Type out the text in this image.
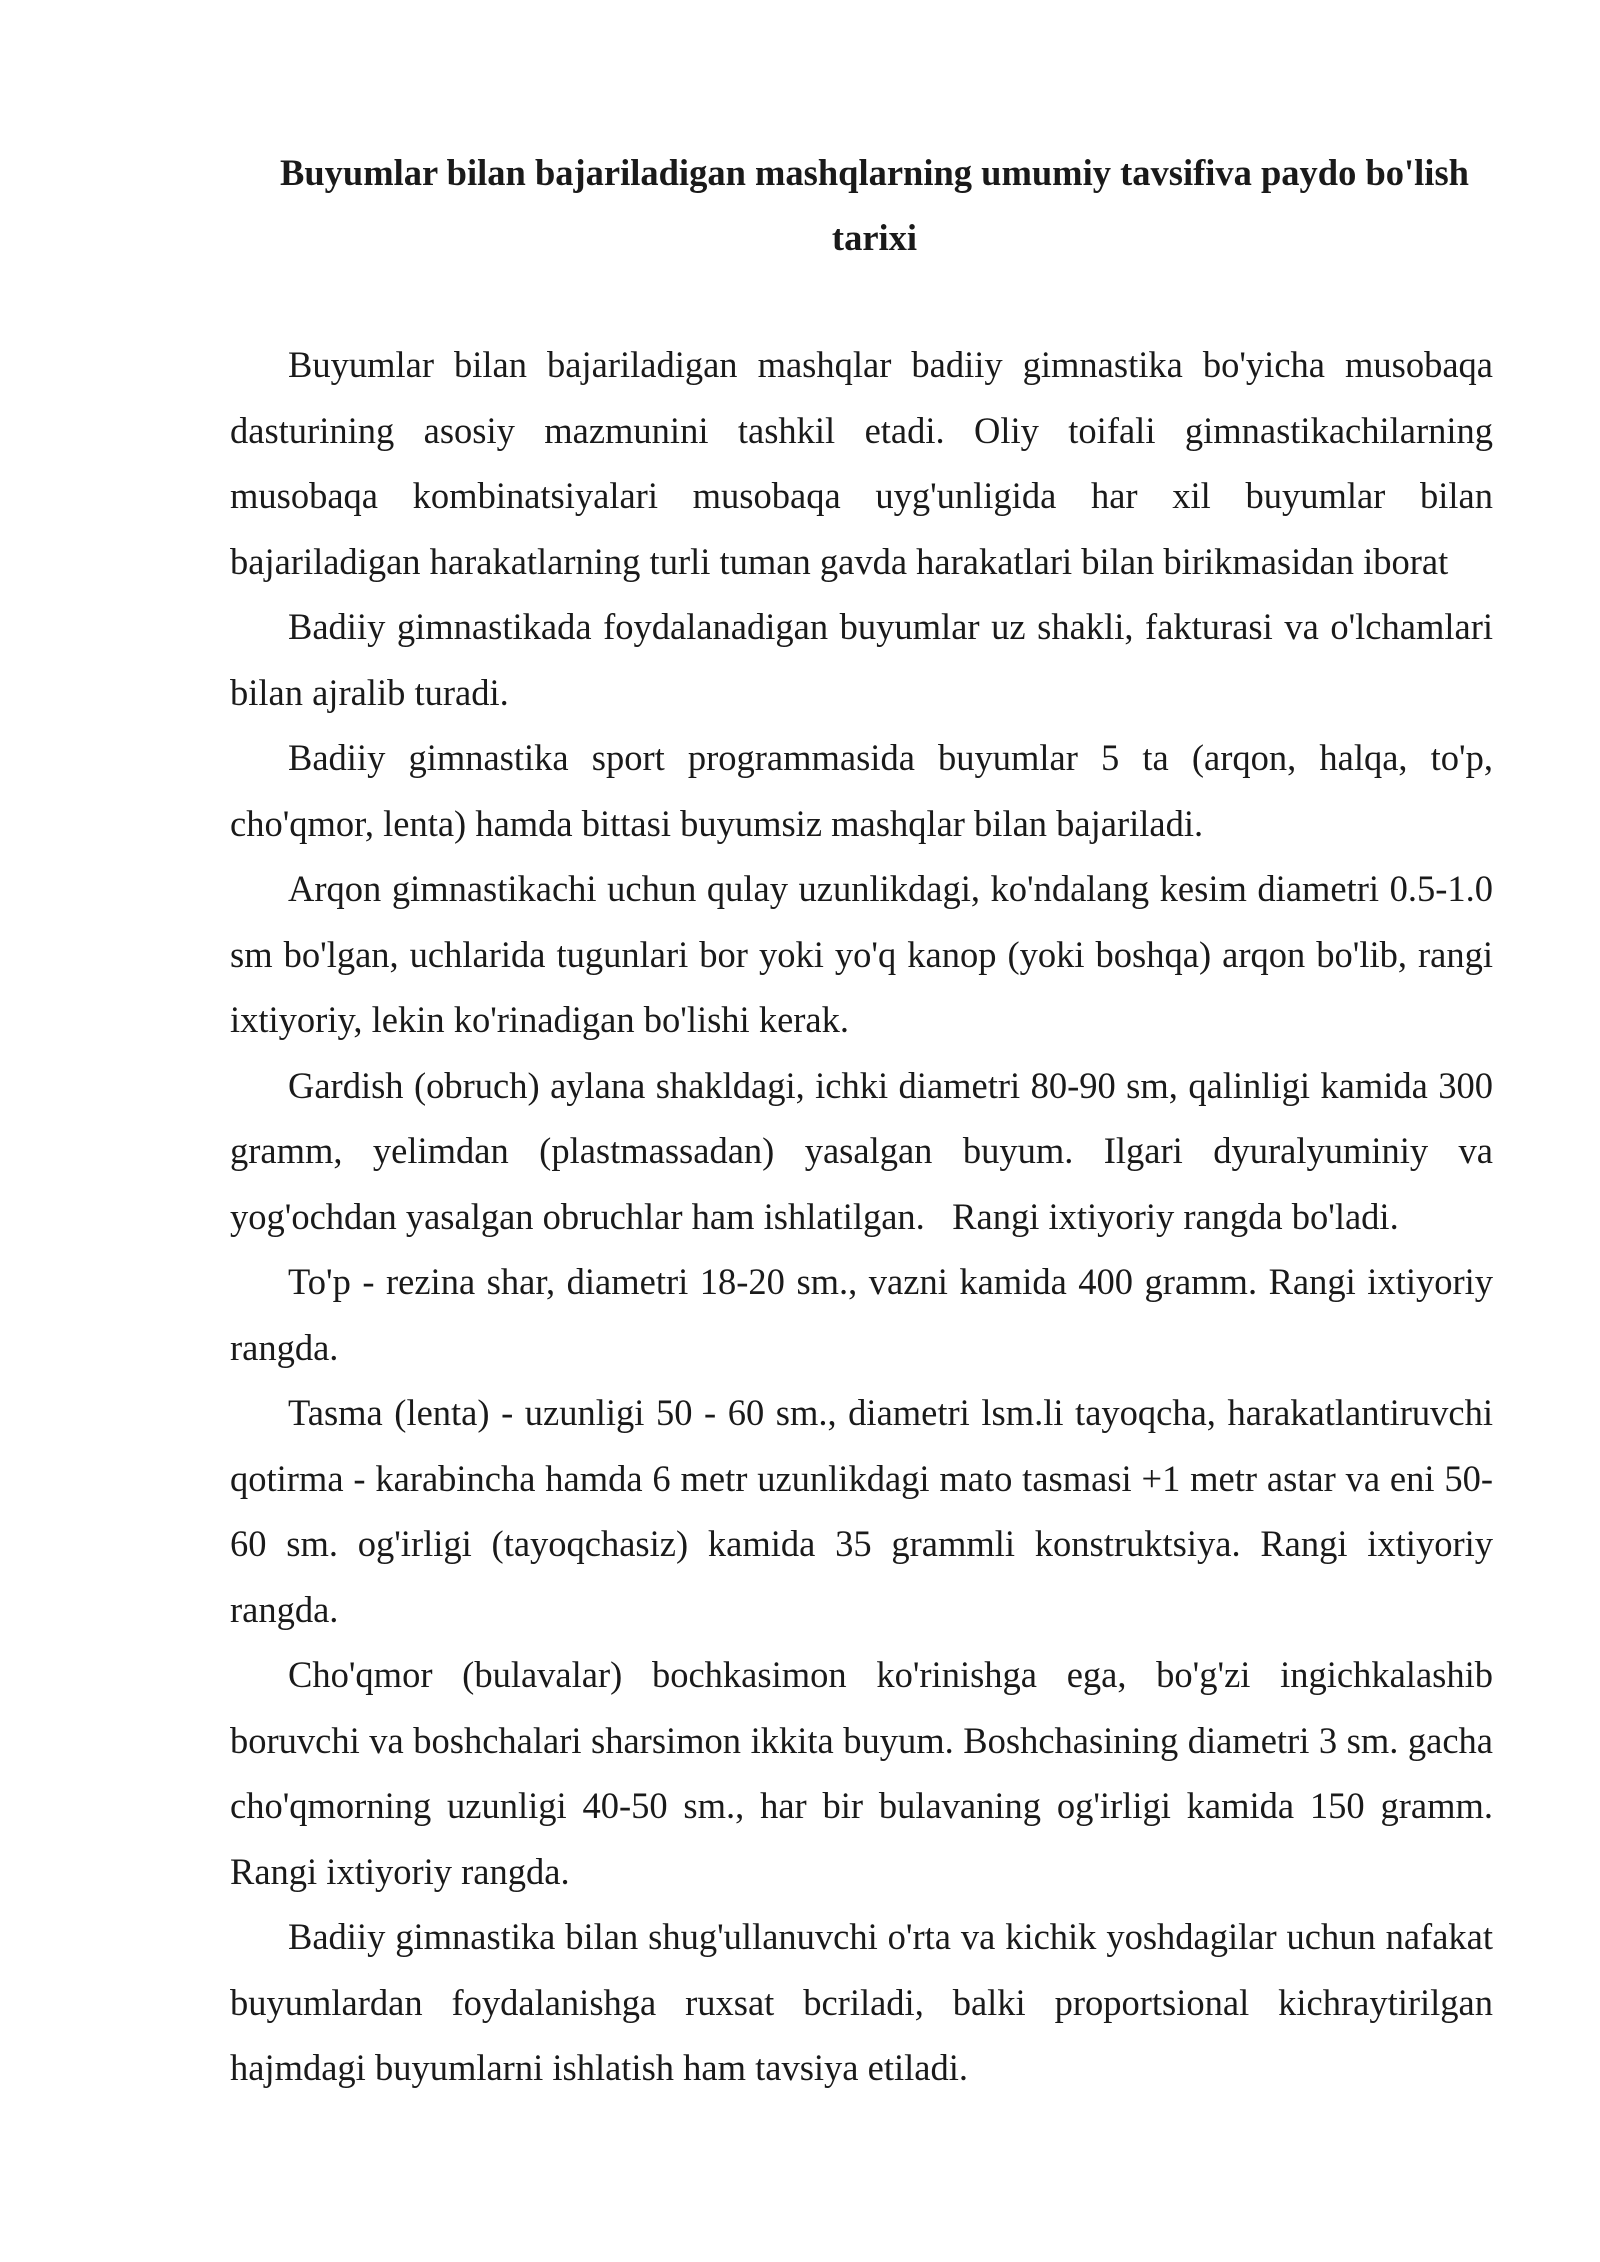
Buyumlar bilan bajariladigan mashqlarning umumiy tavsifiva paydo bo'lish tarixi

Buyumlar bilan bajariladigan mashqlar badiiy gimnastika bo'yicha musobaqa dasturining asosiy mazmunini tashkil etadi. Oliy toifali gimnastikachilarning musobaqa kombinatsiyalari musobaqa uyg'unligida har xil buyumlar bilan bajariladigan harakatlarning turli tuman gavda harakatlari bilan birikmasidan iborat

Badiiy gimnastikada foydalanadigan buyumlar uz shakli, fakturasi va o'lchamlari bilan ajralib turadi.

Badiiy gimnastika sport programmasida buyumlar 5 ta (arqon, halqa, to'p, cho'qmor, lenta) hamda bittasi buyumsiz mashqlar bilan bajariladi.

Arqon gimnastikachi uchun qulay uzunlikdagi, ko'ndalang kesim diametri 0.5-1.0 sm bo'lgan, uchlarida tugunlari bor yoki yo'q kanop (yoki boshqa) arqon bo'lib, rangi ixtiyoriy, lekin ko'rinadigan bo'lishi kerak.

Gardish (obruch) aylana shakldagi, ichki diametri 80-90 sm, qalinligi kamida 300 gramm, yelimdan (plastmassadan) yasalgan buyum. Ilgari dyuralyuminiy va yog'ochdan yasalgan obruchlar ham ishlatilgan.   Rangi ixtiyoriy rangda bo'ladi.

To'p - rezina shar, diametri 18-20 sm., vazni kamida 400 gramm. Rangi ixtiyoriy rangda.

Tasma (lenta) - uzunligi 50 - 60 sm., diametri lsm.li tayoqcha, harakatlantiruvchi qotirma - karabincha hamda 6 metr uzunlikdagi mato tasmasi +1 metr astar va eni 50-60 sm. og'irligi (tayoqchasiz) kamida 35 grammli konstruktsiya. Rangi ixtiyoriy rangda.

Cho'qmor (bulavalar) bochkasimon ko'rinishga ega, bo'g'zi ingichkalashib boruvchi va boshchalari sharsimon ikkita buyum. Boshchasining diametri 3 sm. gacha cho'qmorning uzunligi 40-50 sm., har bir bulavaning og'irligi kamida 150 gramm. Rangi ixtiyoriy rangda.

Badiiy gimnastika bilan shug'ullanuvchi o'rta va kichik yoshdagilar uchun nafakat buyumlardan foydalanishga ruxsat bcriladi, balki proportsional kichraytirilgan hajmdagi buyumlarni ishlatish ham tavsiya etiladi.
